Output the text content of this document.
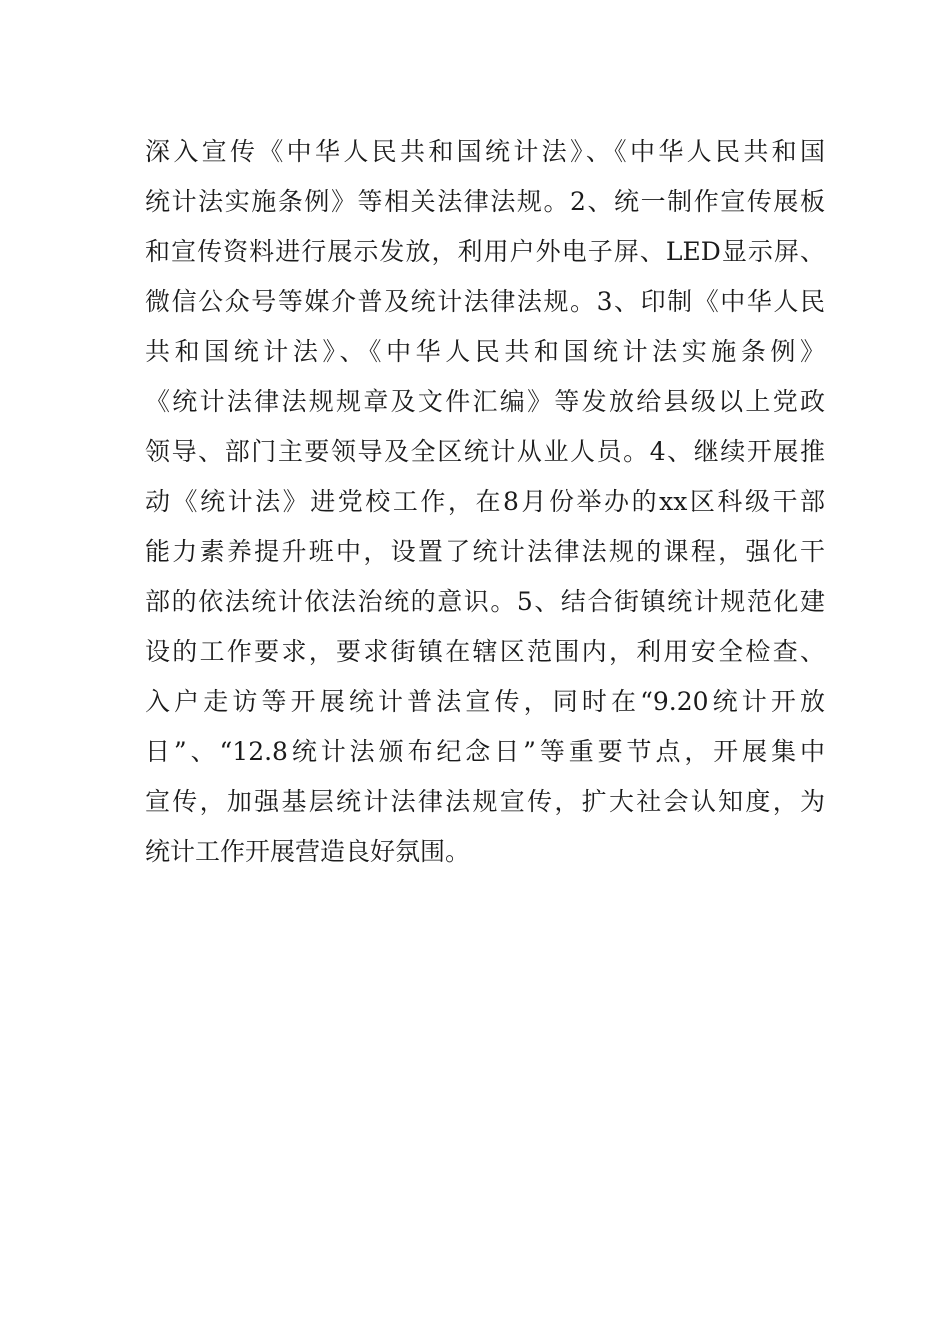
深入宣传《中华人民共和国统计法》、《中华人民共和国
统计法实施条例》等相关法律法规。2、统一制作宣传展板
和宣传资料进行展示发放，利用户外电子屏、LED显示屏、
微信公众号等媒介普及统计法律法规。3、印制《中华人民
共和国统计法》、《中华人民共和国统计法实施条例》
《统计法律法规规章及文件汇编》等发放给县级以上党政
领导、部门主要领导及全区统计从业人员。4、继续开展推
动《统计法》进党校工作，在8月份举办的xx区科级干部
能力素养提升班中，设置了统计法律法规的课程，强化干
部的依法统计依法治统的意识。5、结合街镇统计规范化建
设的工作要求，要求街镇在辖区范围内，利用安全检查、
入户走访等开展统计普法宣传，同时在“9.20统计开放
日”、“12.8统计法颁布纪念日”等重要节点，开展集中
宣传，加强基层统计法律法规宣传，扩大社会认知度，为
统计工作开展营造良好氛围。
